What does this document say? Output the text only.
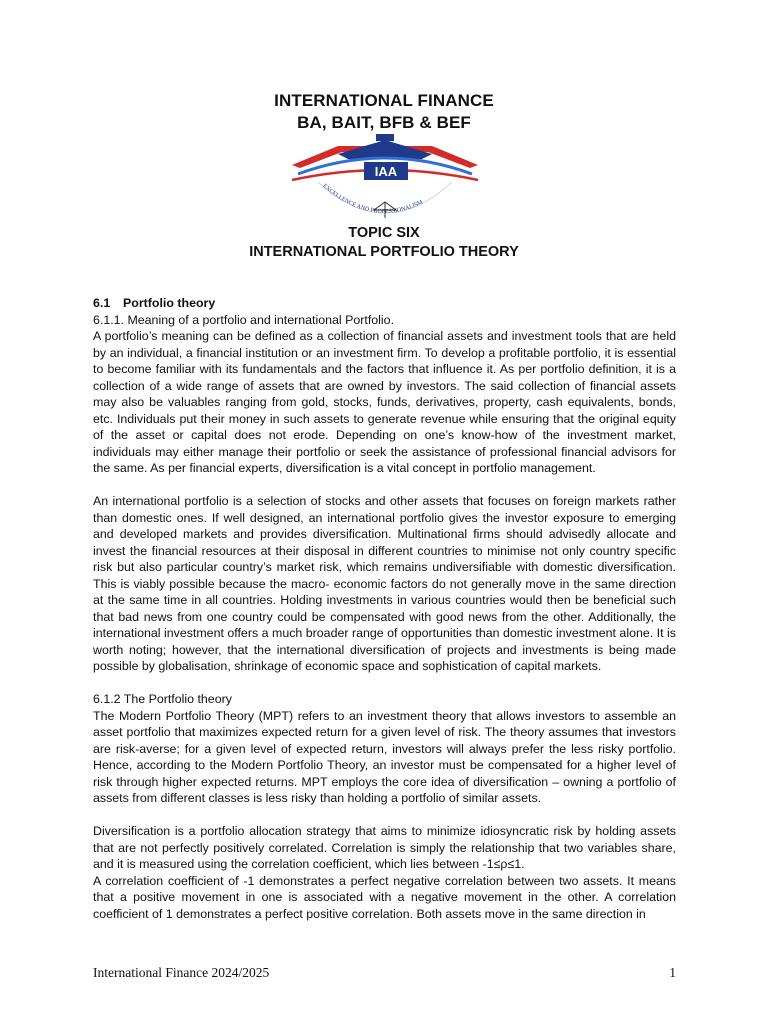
INTERNATIONAL FINANCE
BA, BAIT, BFB & BEF
IAA
EXCELLENCE AND PROFESSIONALISM
TOPIC SIX
INTERNATIONAL PORTFOLIO THEORY

6.1 Portfolio theory

6.1.1. Meaning of a portfolio and international Portfolio.

A portfolio’s meaning can be defined as a collection of financial assets and investment tools that are held by an individual, a financial institution or an investment firm. To develop a profitable portfolio, it is essential to become familiar with its fundamentals and the factors that influence it. As per portfolio definition, it is a collection of a wide range of assets that are owned by investors. The said collection of financial assets may also be valuables ranging from gold, stocks, funds, derivatives, property, cash equivalents, bonds, etc. Individuals put their money in such assets to generate revenue while ensuring that the original equity of the asset or capital does not erode. Depending on one’s know-how of the investment market, individuals may either manage their portfolio or seek the assistance of professional financial advisors for the same. As per financial experts, diversification is a vital concept in portfolio management.

An international portfolio is a selection of stocks and other assets that focuses on foreign markets rather than domestic ones. If well designed, an international portfolio gives the investor exposure to emerging and developed markets and provides diversification. Multinational firms should advisedly allocate and invest the financial resources at their disposal in different countries to minimise not only country specific risk but also particular country’s market risk, which remains undiversifiable with domestic diversification. This is viably possible because the macro- economic factors do not generally move in the same direction at the same time in all countries. Holding investments in various countries would then be beneficial such that bad news from one country could be compensated with good news from the other. Additionally, the international investment offers a much broader range of opportunities than domestic investment alone. It is worth noting; however, that the international diversification of projects and investments is being made possible by globalisation, shrinkage of economic space and sophistication of capital markets.

6.1.2 The Portfolio theory

The Modern Portfolio Theory (MPT) refers to an investment theory that allows investors to assemble an asset portfolio that maximizes expected return for a given level of risk. The theory assumes that investors are risk-averse; for a given level of expected return, investors will always prefer the less risky portfolio. Hence, according to the Modern Portfolio Theory, an investor must be compensated for a higher level of risk through higher expected returns. MPT employs the core idea of diversification – owning a portfolio of assets from different classes is less risky than holding a portfolio of similar assets.

Diversification is a portfolio allocation strategy that aims to minimize idiosyncratic risk by holding assets that are not perfectly positively correlated. Correlation is simply the relationship that two variables share, and it is measured using the correlation coefficient, which lies between -1≤ρ≤1.

A correlation coefficient of -1 demonstrates a perfect negative correlation between two assets. It means that a positive movement in one is associated with a negative movement in the other. A correlation coefficient of 1 demonstrates a perfect positive correlation. Both assets move in the same direction in

International Finance 2024/2025	1
